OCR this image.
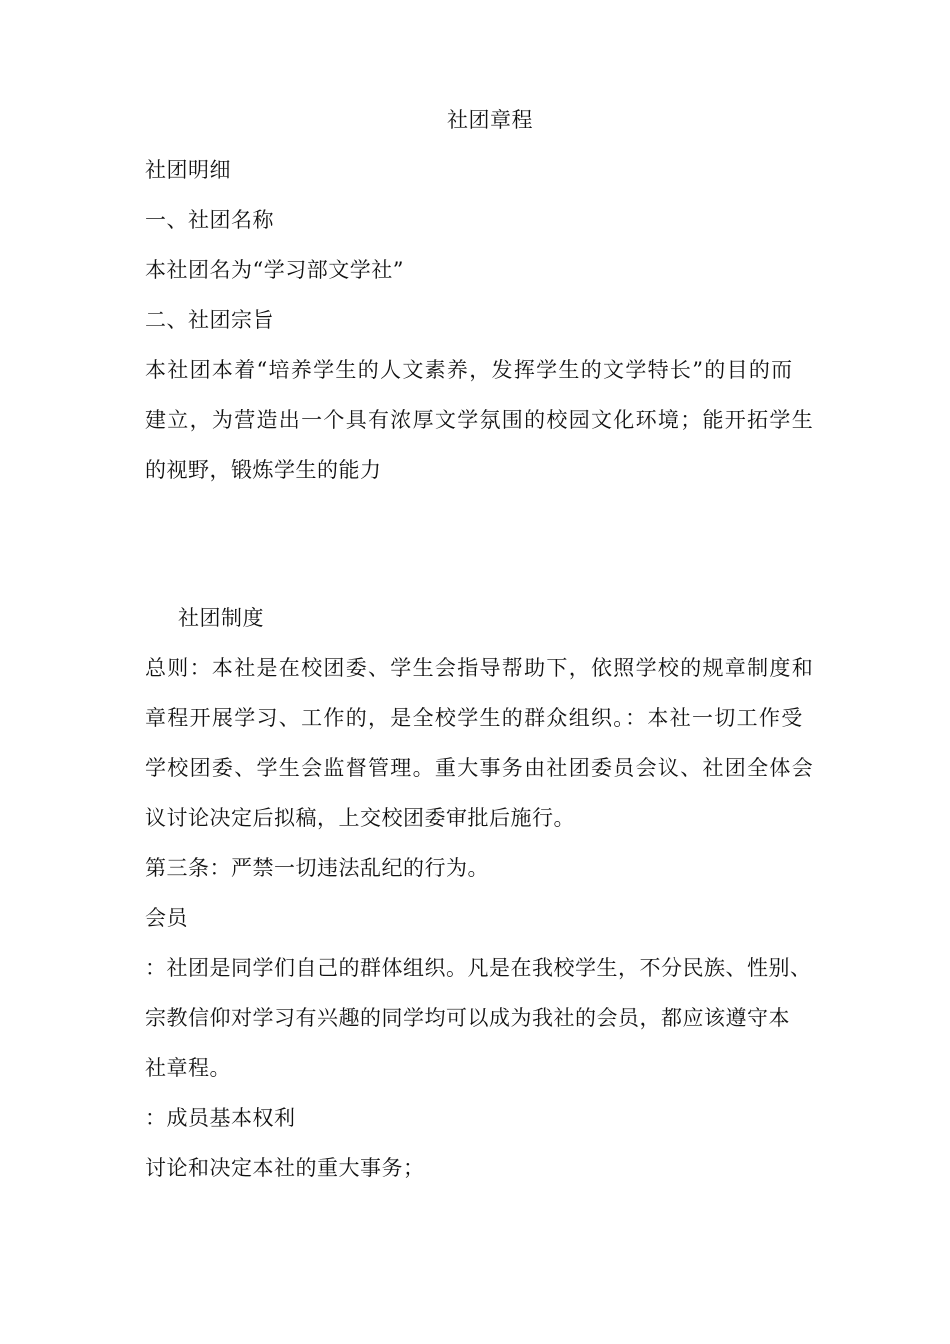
社团章程
社团明细
一、社团名称
本社团名为“学习部文学社”
二、社团宗旨
本社团本着“培养学生的人文素养，发挥学生的文学特长”的目的而
建立，为营造出一个具有浓厚文学氛围的校园文化环境；能开拓学生
的视野，锻炼学生的能力
社团制度
总则：本社是在校团委、学生会指导帮助下，依照学校的规章制度和
章程开展学习、工作的，是全校学生的群众组织。：本社一切工作受
学校团委、学生会监督管理。重大事务由社团委员会议、社团全体会
议讨论决定后拟稿，上交校团委审批后施行。
第三条：严禁一切违法乱纪的行为。
会员
：社团是同学们自己的群体组织。凡是在我校学生，不分民族、性别、
宗教信仰对学习有兴趣的同学均可以成为我社的会员，都应该遵守本
社章程。
：成员基本权利
讨论和决定本社的重大事务；
